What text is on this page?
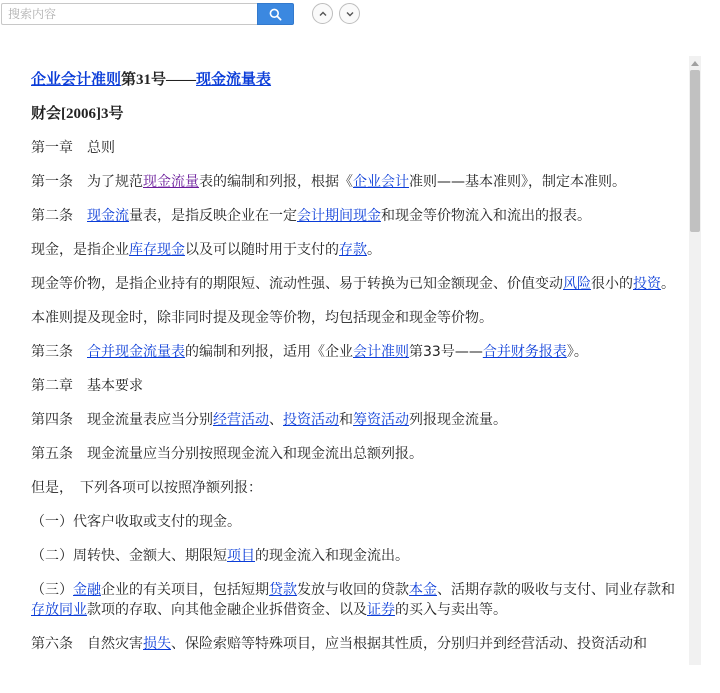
搜索内容
企业会计准则第31号——现金流量表
财会[2006]3号

第一章　总则

第一条　为了规范现金流量表的编制和列报，根据《企业会计准则——基本准则》，制定本准则。

第二条　现金流量表，是指反映企业在一定会计期间现金和现金等价物流入和流出的报表。

现金，是指企业库存现金以及可以随时用于支付的存款。

现金等价物，是指企业持有的期限短、流动性强、易于转换为已知金额现金、价值变动风险很小的投资。

本准则提及现金时，除非同时提及现金等价物，均包括现金和现金等价物。

第三条　合并现金流量表的编制和列报，适用《企业会计准则第33号——合并财务报表》。

第二章　基本要求

第四条　现金流量表应当分别经营活动、投资活动和筹资活动列报现金流量。

第五条　现金流量应当分别按照现金流入和现金流出总额列报。

但是，　下列各项可以按照净额列报：

（一）代客户收取或支付的现金。

（二）周转快、金额大、期限短项目的现金流入和现金流出。

（三）金融企业的有关项目，包括短期贷款发放与收回的贷款本金、活期存款的吸收与支付、同业存款和存放同业款项的存取、向其他金融企业拆借资金、以及证券的买入与卖出等。

第六条　自然灾害损失、保险索赔等特殊项目，应当根据其性质，分别归并到经营活动、投资活动和
